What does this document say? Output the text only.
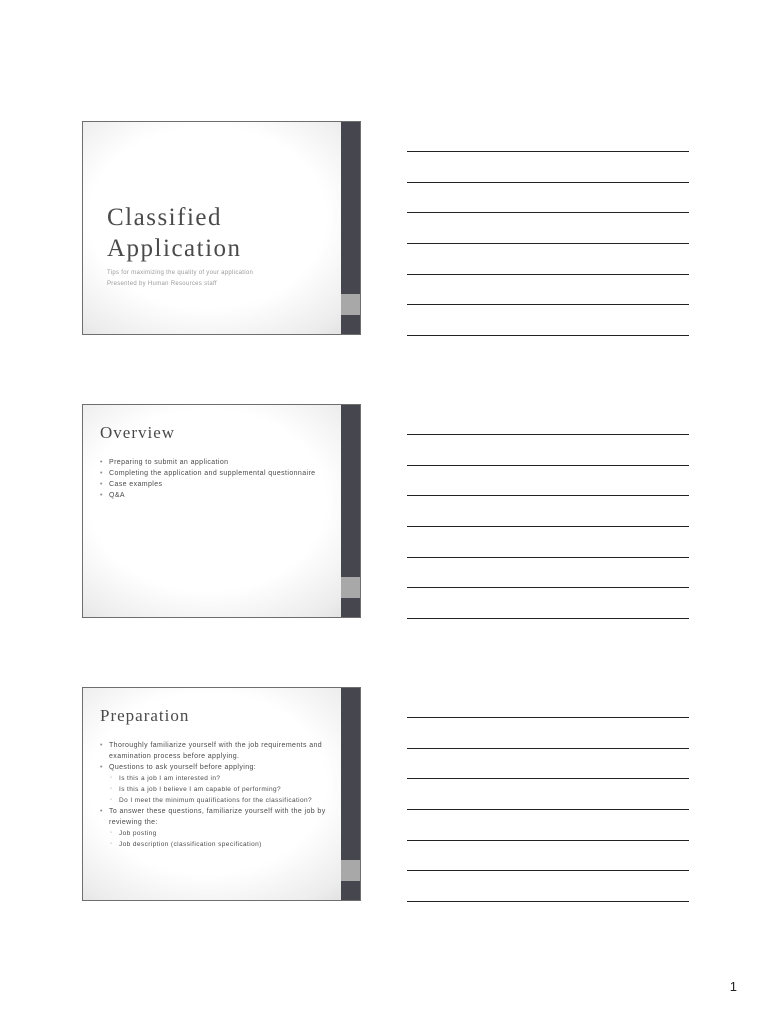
Classified Application
Tips for maximizing the quality of your application
Presented by Human Resources staff
Overview
• Preparing to submit an application
• Completing the application and supplemental questionnaire
• Case examples
• Q&A
Preparation
• Thoroughly familiarize yourself with the job requirements and examination process before applying.
• Questions to ask yourself before applying:
◦ Is this a job I am interested in?
◦ Is this a job I believe I am capable of performing?
◦ Do I meet the minimum qualifications for the classification?
• To answer these questions, familiarize yourself with the job by reviewing the:
◦ Job posting
◦ Job description (classification specification)
1
